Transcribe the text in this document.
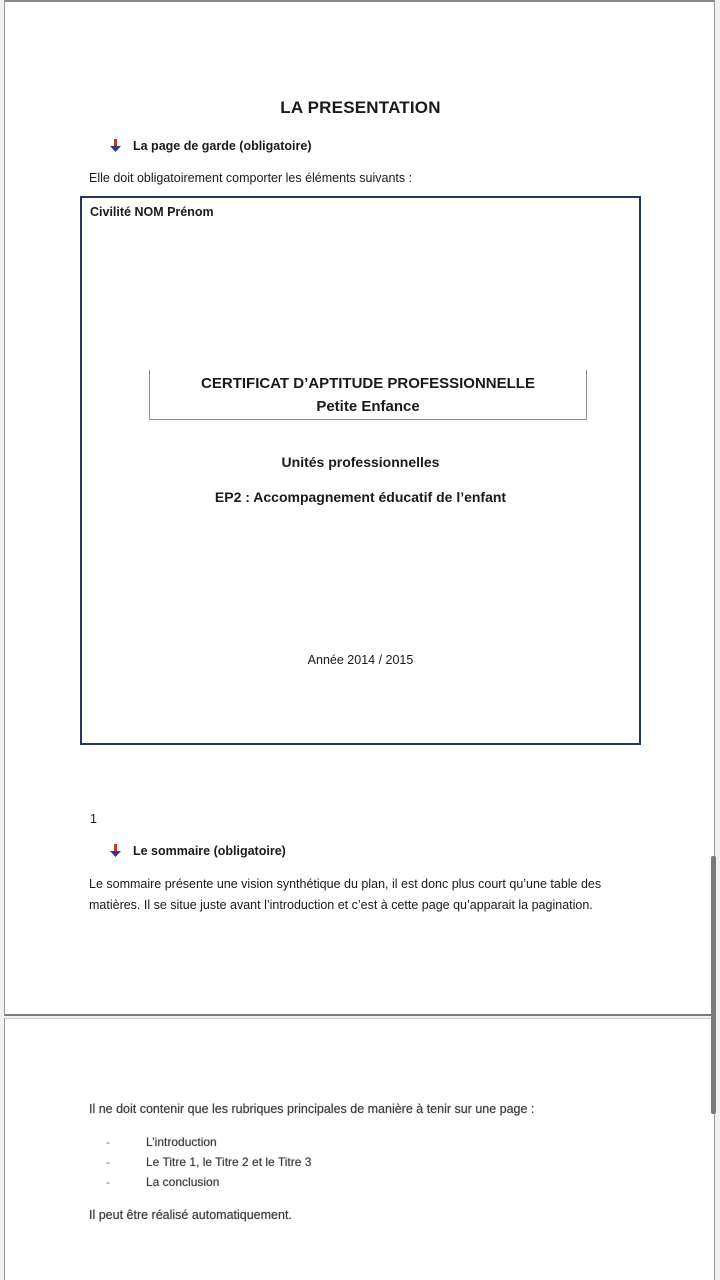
LA PRESENTATION
La page de garde (obligatoire)
Elle doit obligatoirement comporter les éléments suivants :
Civilité NOM Prénom
CERTIFICAT D’APTITUDE PROFESSIONNELLE
Petite Enfance
Unités professionnelles
EP2 : Accompagnement éducatif de l’enfant
Année 2014 / 2015
1
Le sommaire (obligatoire)
Le sommaire présente une vision synthétique du plan, il est donc plus court qu’une table des
matières. Il se situe juste avant l’introduction et c’est à cette page qu’apparait la pagination.
Il ne doit contenir que les rubriques principales de manière à tenir sur une page :
-	L’introduction
-	Le Titre 1, le Titre 2 et le Titre 3
-	La conclusion
Il peut être réalisé automatiquement.
